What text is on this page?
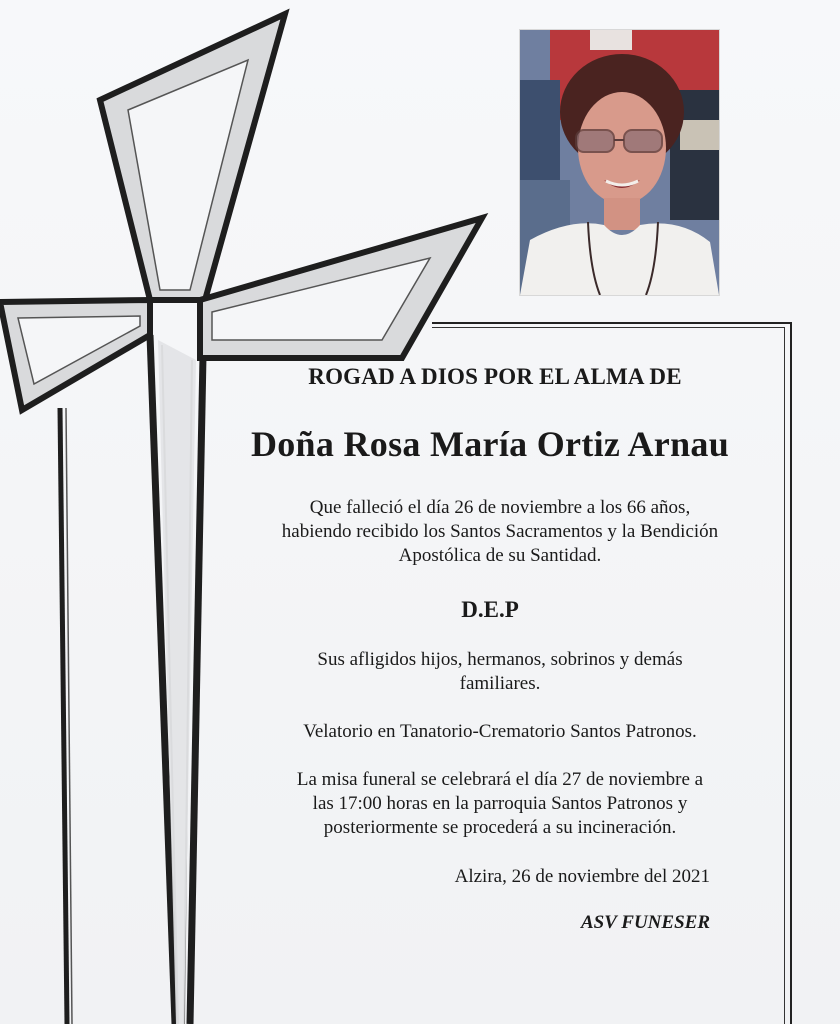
ROGAD A DIOS POR EL ALMA DE
Doña Rosa María Ortiz Arnau
Que falleció el día 26 de noviembre a los 66 años,
habiendo recibido los Santos Sacramentos y la Bendición
Apostólica de su Santidad.
D.E.P
Sus afligidos hijos, hermanos, sobrinos y demás
familiares.
Velatorio en Tanatorio-Crematorio Santos Patronos.
La misa funeral se celebrará el día 27 de noviembre a
las 17:00 horas en la parroquia Santos Patronos y
posteriormente se procederá a su incineración.
Alzira, 26 de noviembre del 2021
ASV FUNESER
